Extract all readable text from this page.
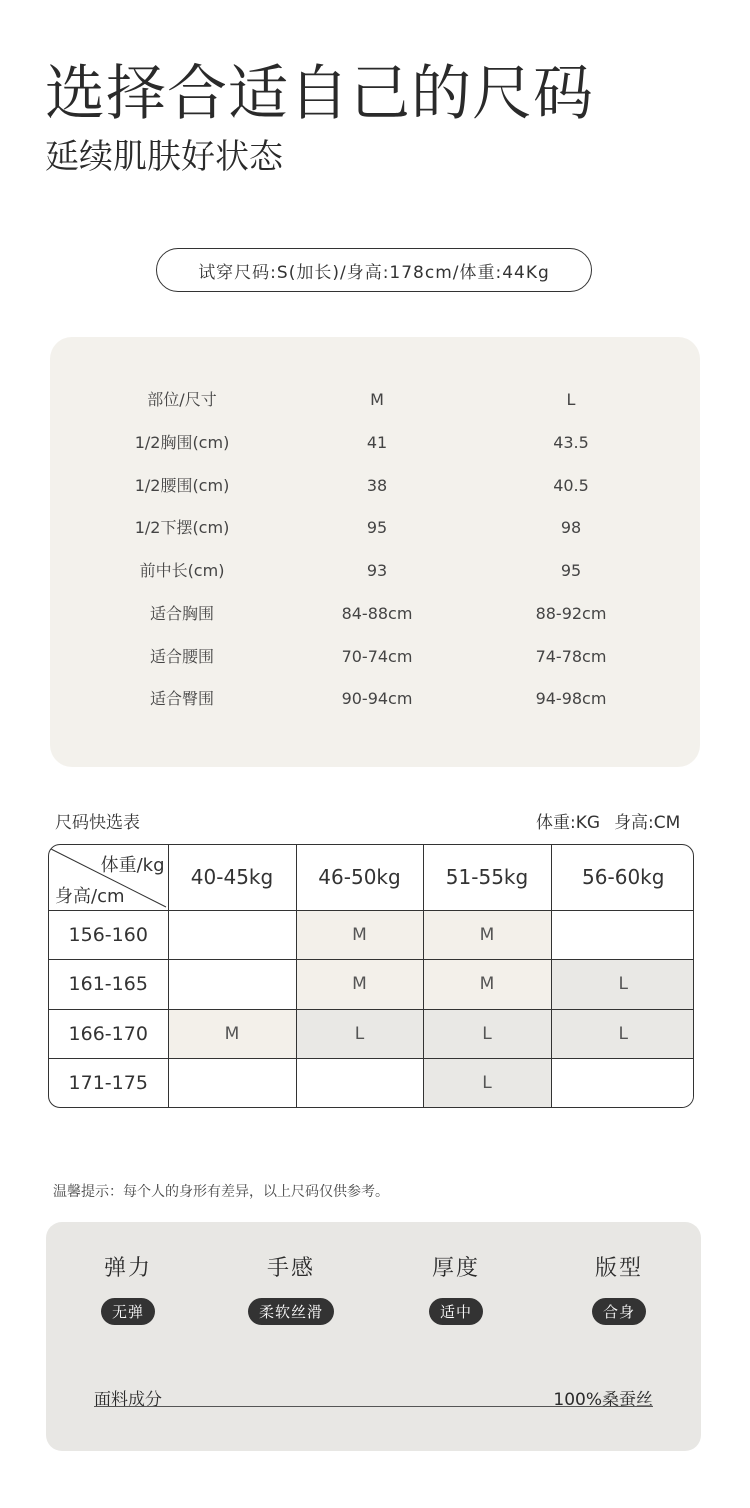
选择合适自己的尺码
延续肌肤好状态
试穿尺码:S(加长)/身高:178cm/体重:44Kg
部位/尺寸	M	L
1/2胸围(cm)	41	43.5
1/2腰围(cm)	38	40.5
1/2下摆(cm)	95	98
前中长(cm)	93	95
适合胸围	84-88cm	88-92cm
适合腰围	70-74cm	74-78cm
适合臀围	90-94cm	94-98cm
尺码快选表	体重:KG 身高:CM
体重/kg
身高/cm	40-45kg	46-50kg	51-55kg	56-60kg
156-160		M	M	
161-165		M	M	L
166-170	M	L	L	L
171-175			L	
温馨提示：每个人的身形有差异，以上尺码仅供参考。
弹力
无弹
手感
柔软丝滑
厚度
适中
版型
合身
面料成分	100%桑蚕丝
